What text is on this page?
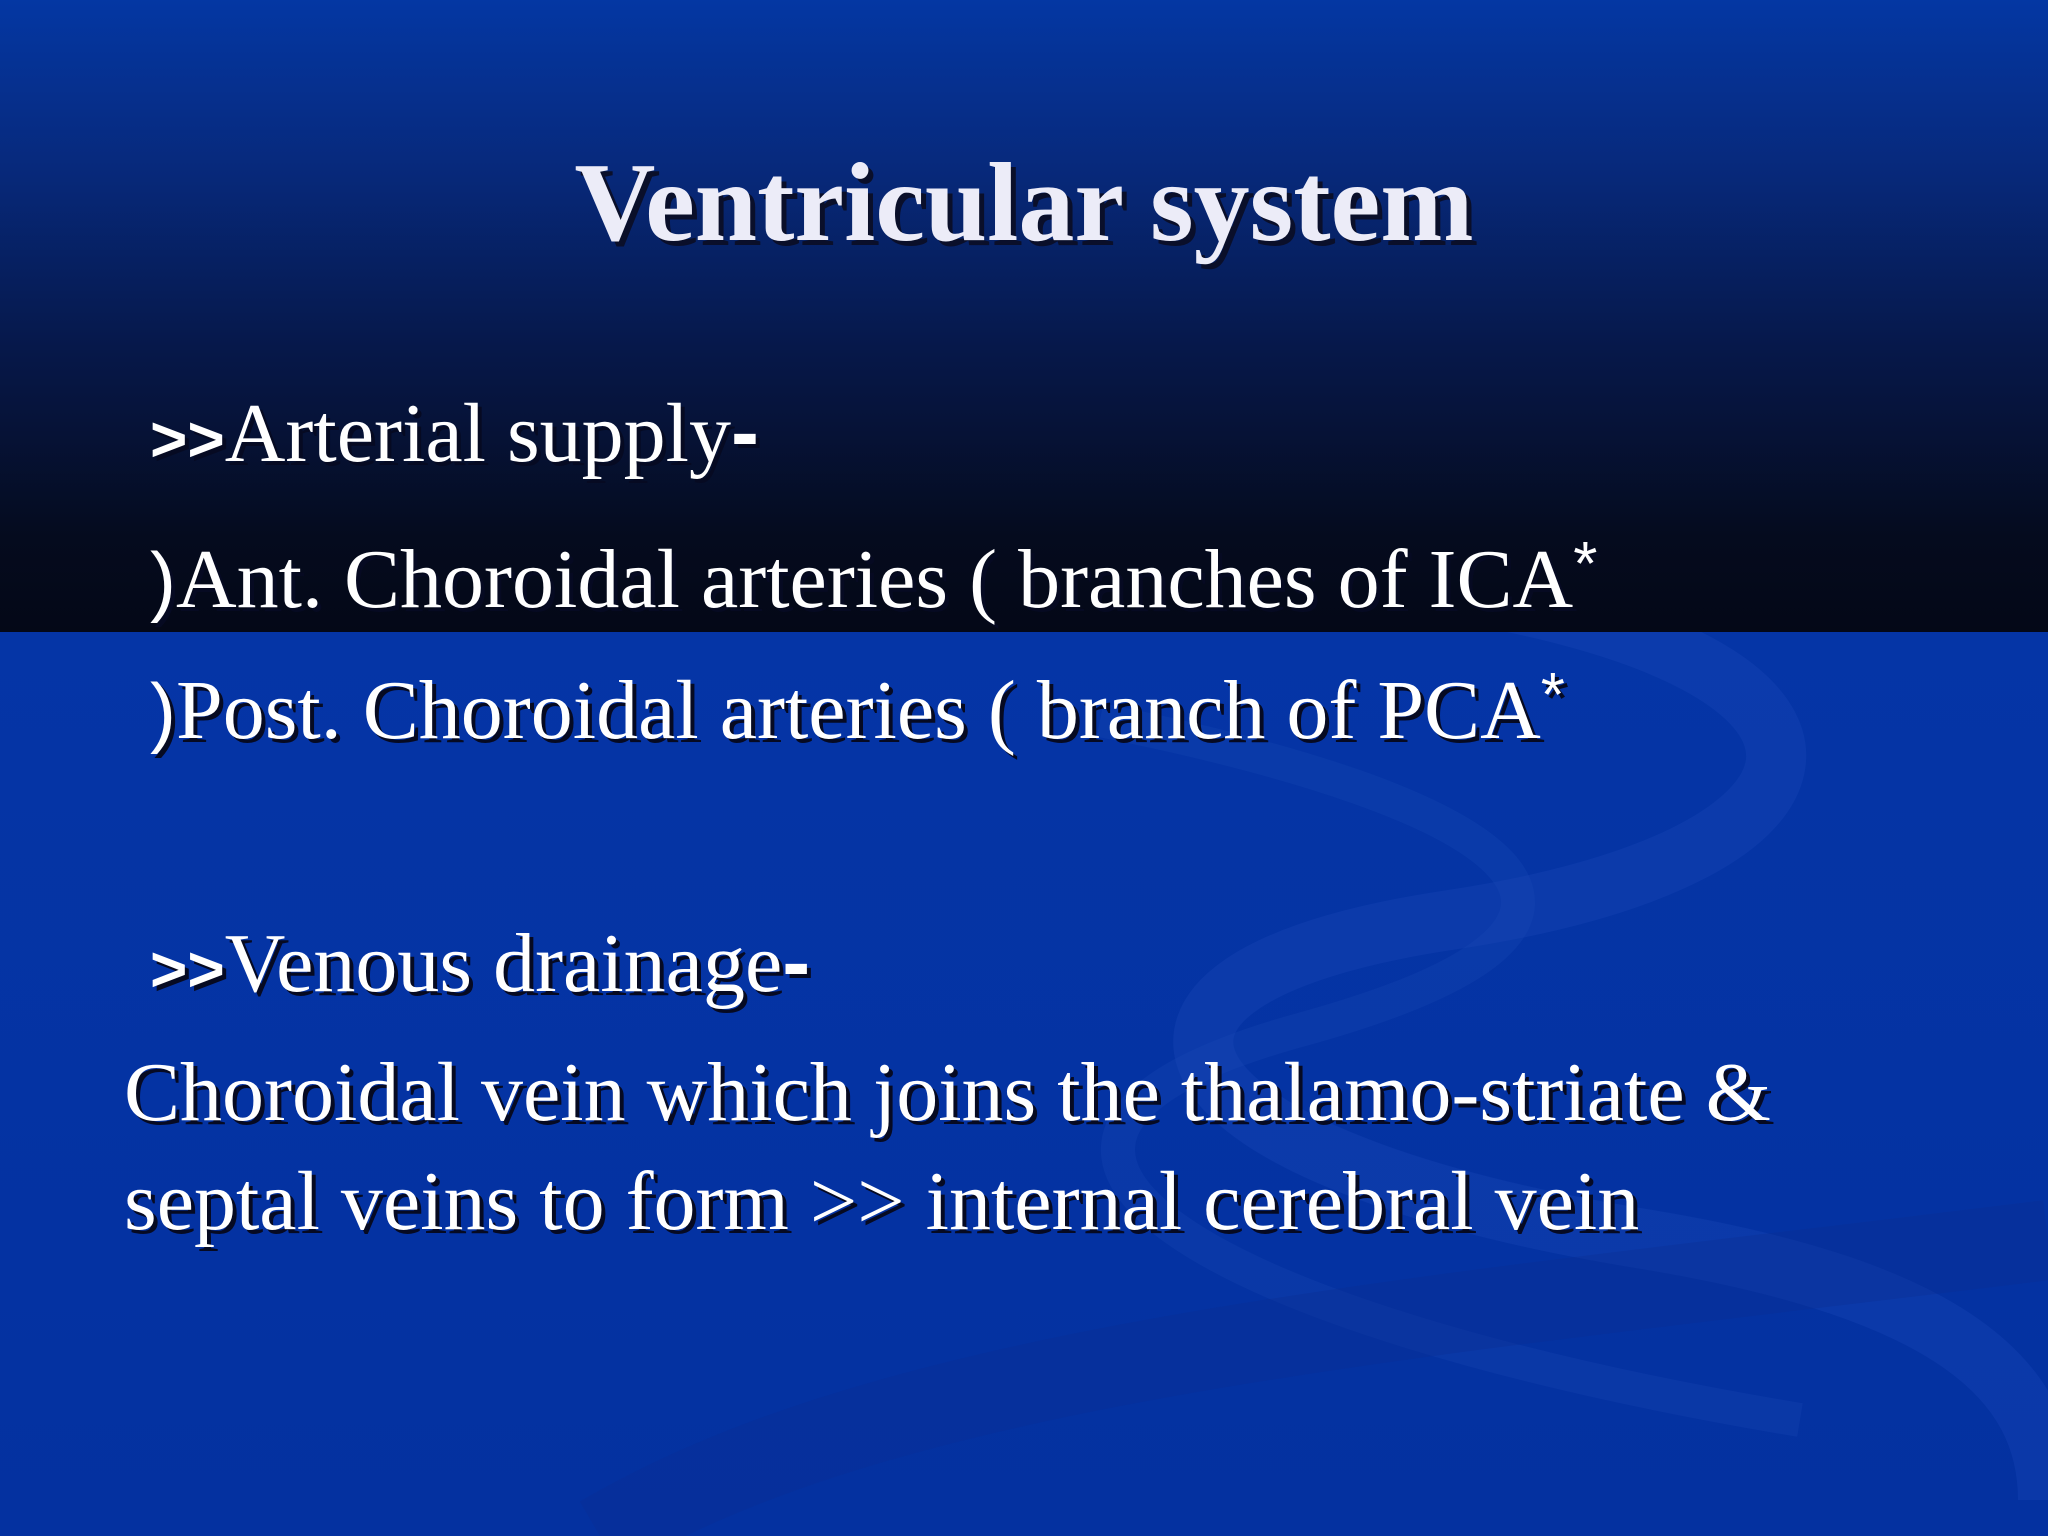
Ventricular system
>>Arterial supply-
)Ant. Choroidal arteries ( branches of ICA*
)Post. Choroidal arteries ( branch of PCA*
>>Venous drainage-
Choroidal vein which joins the thalamo-striate &
septal veins to form >> internal cerebral vein
